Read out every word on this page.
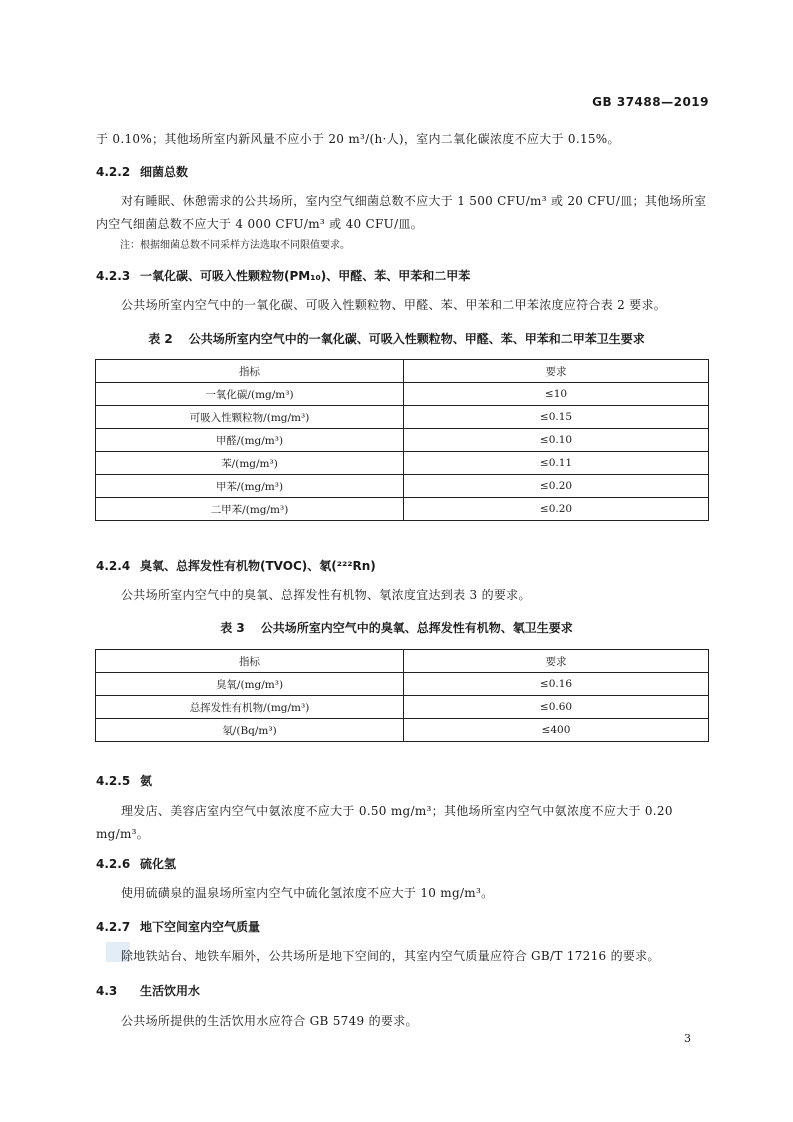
GB 37488—2019
于 0.10%；其他场所室内新风量不应小于 20 m³/(h·人)，室内二氧化碳浓度不应大于 0.15%。
4.2.2 细菌总数
对有睡眠、休憩需求的公共场所，室内空气细菌总数不应大于 1 500 CFU/m³ 或 20 CFU/皿；其他场所室内空气细菌总数不应大于 4 000 CFU/m³ 或 40 CFU/皿。
注：根据细菌总数不同采样方法选取不同限值要求。
4.2.3 一氧化碳、可吸入性颗粒物(PM₁₀)、甲醛、苯、甲苯和二甲苯
公共场所室内空气中的一氧化碳、可吸入性颗粒物、甲醛、苯、甲苯和二甲苯浓度应符合表 2 要求。
表 2 公共场所室内空气中的一氧化碳、可吸入性颗粒物、甲醛、苯、甲苯和二甲苯卫生要求
指标	要求
一氧化碳/(mg/m³)	≤10
可吸入性颗粒物/(mg/m³)	≤0.15
甲醛/(mg/m³)	≤0.10
苯/(mg/m³)	≤0.11
甲苯/(mg/m³)	≤0.20
二甲苯/(mg/m³)	≤0.20
4.2.4 臭氧、总挥发性有机物(TVOC)、氡(²²²Rn)
公共场所室内空气中的臭氧、总挥发性有机物、氡浓度宜达到表 3 的要求。
表 3 公共场所室内空气中的臭氧、总挥发性有机物、氡卫生要求
指标	要求
臭氧/(mg/m³)	≤0.16
总挥发性有机物/(mg/m³)	≤0.60
氡/(Bq/m³)	≤400
4.2.5 氨
理发店、美容店室内空气中氨浓度不应大于 0.50 mg/m³；其他场所室内空气中氨浓度不应大于 0.20 mg/m³。
4.2.6 硫化氢
使用硫磺泉的温泉场所室内空气中硫化氢浓度不应大于 10 mg/m³。
4.2.7 地下空间室内空气质量
除地铁站台、地铁车厢外，公共场所是地下空间的，其室内空气质量应符合 GB/T 17216 的要求。
4.3 生活饮用水
公共场所提供的生活饮用水应符合 GB 5749 的要求。
3
